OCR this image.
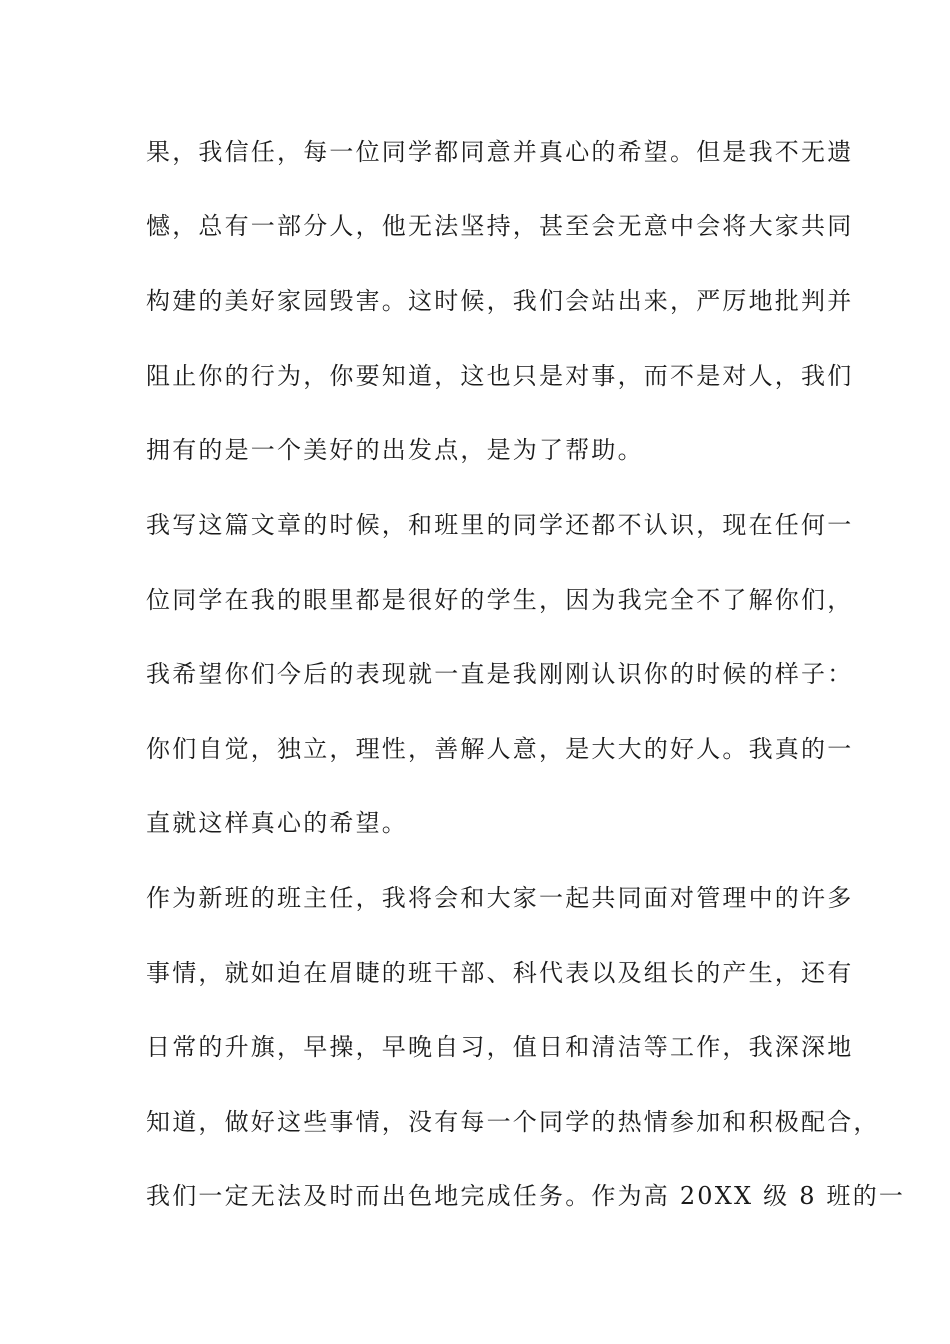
果，我信任，每一位同学都同意并真心的希望。但是我不无遗
憾，总有一部分人，他无法坚持，甚至会无意中会将大家共同
构建的美好家园毁害。这时候，我们会站出来，严厉地批判并
阻止你的行为，你要知道，这也只是对事，而不是对人，我们
拥有的是一个美好的出发点，是为了帮助。
我写这篇文章的时候，和班里的同学还都不认识，现在任何一
位同学在我的眼里都是很好的学生，因为我完全不了解你们，
我希望你们今后的表现就一直是我刚刚认识你的时候的样子：
你们自觉，独立，理性，善解人意，是大大的好人。我真的一
直就这样真心的希望。
作为新班的班主任，我将会和大家一起共同面对管理中的许多
事情，就如迫在眉睫的班干部、科代表以及组长的产生，还有
日常的升旗，早操，早晚自习，值日和清洁等工作，我深深地
知道，做好这些事情，没有每一个同学的热情参加和积极配合，
我们一定无法及时而出色地完成任务。作为高 20XX 级 8 班的一
